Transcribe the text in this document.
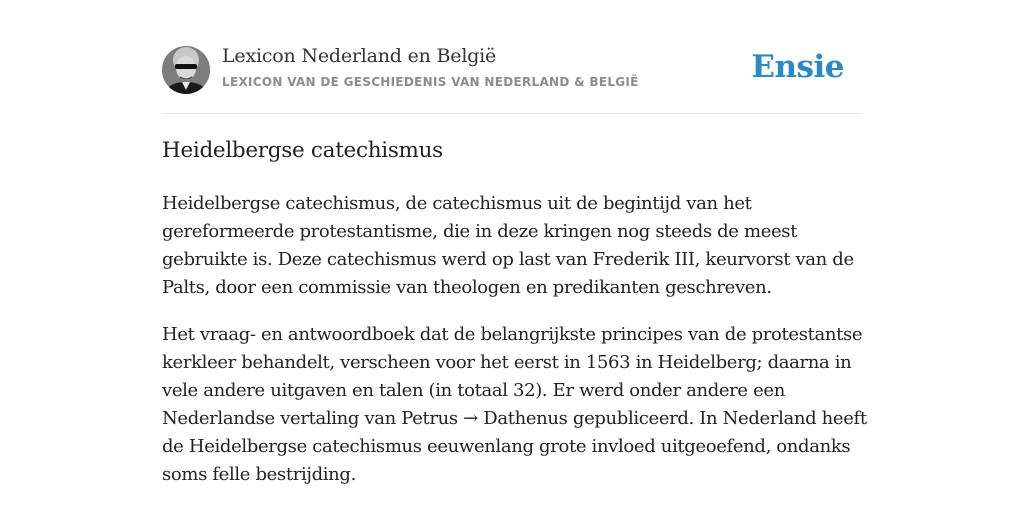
Lexicon Nederland en België
LEXICON VAN DE GESCHIEDENIS VAN NEDERLAND & BELGIË	Ensie
Heidelbergse catechismus

Heidelbergse catechismus, de catechismus uit de begintijd van het gereformeerde protestantisme, die in deze kringen nog steeds de meest gebruikte is. Deze catechismus werd op last van Frederik III, keurvorst van de Palts, door een commissie van theologen en predikanten geschreven.

Het vraag- en antwoordboek dat de belangrijkste principes van de protestantse kerkleer behandelt, verscheen voor het eerst in 1563 in Heidelberg; daarna in vele andere uitgaven en talen (in totaal 32). Er werd onder andere een Nederlandse vertaling van Petrus → Dathenus gepubliceerd. In Nederland heeft de Heidelbergse catechismus eeuwenlang grote invloed uitgeoefend, ondanks soms felle bestrijding.
